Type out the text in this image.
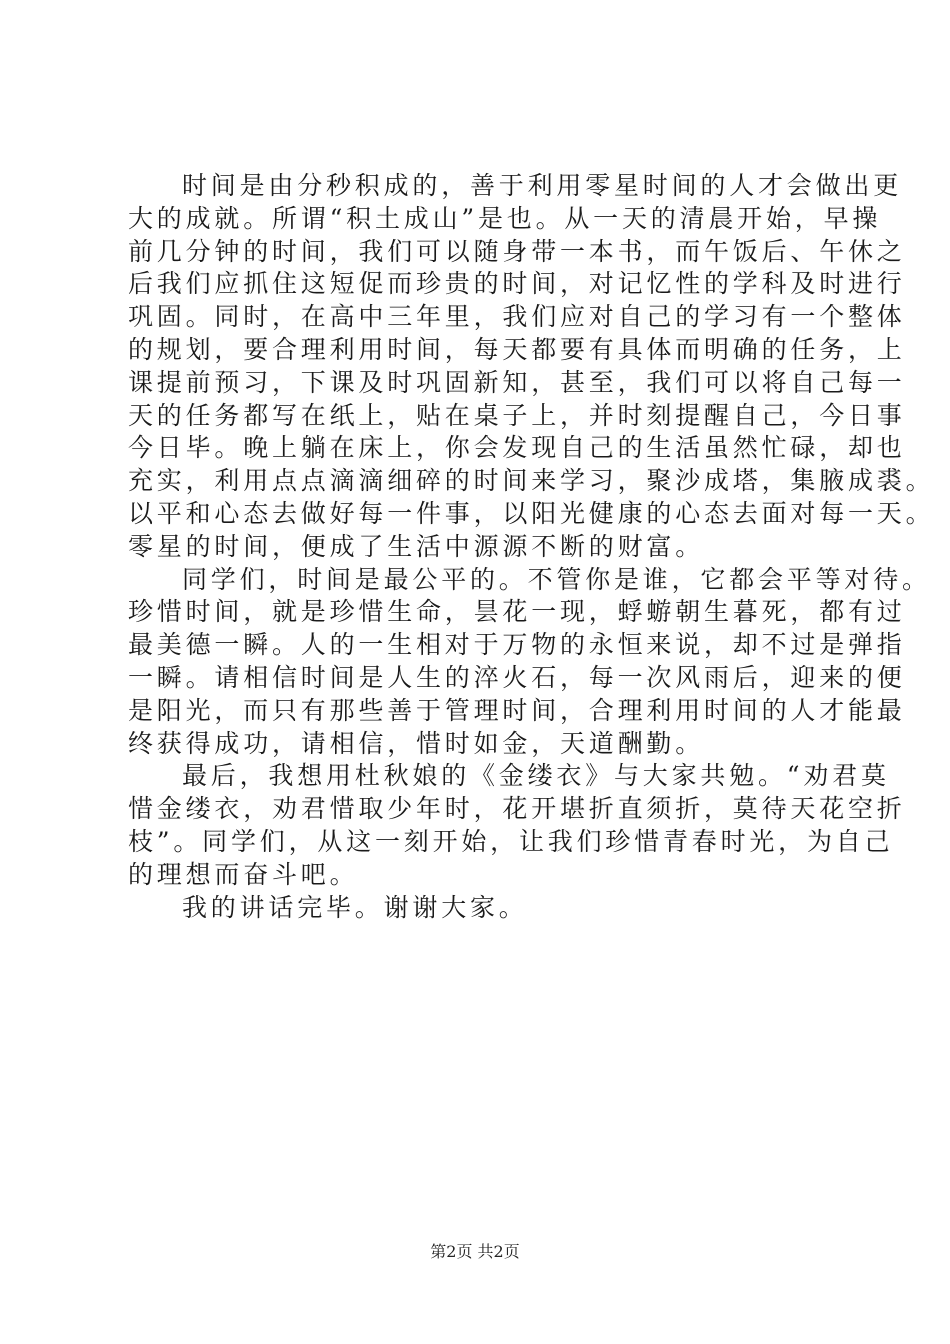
时间是由分秒积成的，善于利用零星时间的人才会做出更
大的成就。所谓“积土成山”是也。从一天的清晨开始，早操
前几分钟的时间，我们可以随身带一本书，而午饭后、午休之
后我们应抓住这短促而珍贵的时间，对记忆性的学科及时进行
巩固。同时，在高中三年里，我们应对自己的学习有一个整体
的规划，要合理利用时间，每天都要有具体而明确的任务，上
课提前预习，下课及时巩固新知，甚至，我们可以将自己每一
天的任务都写在纸上，贴在桌子上，并时刻提醒自己，今日事
今日毕。晚上躺在床上，你会发现自己的生活虽然忙碌，却也
充实，利用点点滴滴细碎的时间来学习，聚沙成塔，集腋成裘。
以平和心态去做好每一件事，以阳光健康的心态去面对每一天。
零星的时间，便成了生活中源源不断的财富。
同学们，时间是最公平的。不管你是谁，它都会平等对待。
珍惜时间，就是珍惜生命，昙花一现，蜉蝣朝生暮死，都有过
最美德一瞬。人的一生相对于万物的永恒来说，却不过是弹指
一瞬。请相信时间是人生的淬火石，每一次风雨后，迎来的便
是阳光，而只有那些善于管理时间，合理利用时间的人才能最
终获得成功，请相信，惜时如金，天道酬勤。
最后，我想用杜秋娘的《金缕衣》与大家共勉。“劝君莫
惜金缕衣，劝君惜取少年时，花开堪折直须折，莫待天花空折
枝”。同学们，从这一刻开始，让我们珍惜青春时光，为自己
的理想而奋斗吧。
我的讲话完毕。谢谢大家。
第2页 共2页
